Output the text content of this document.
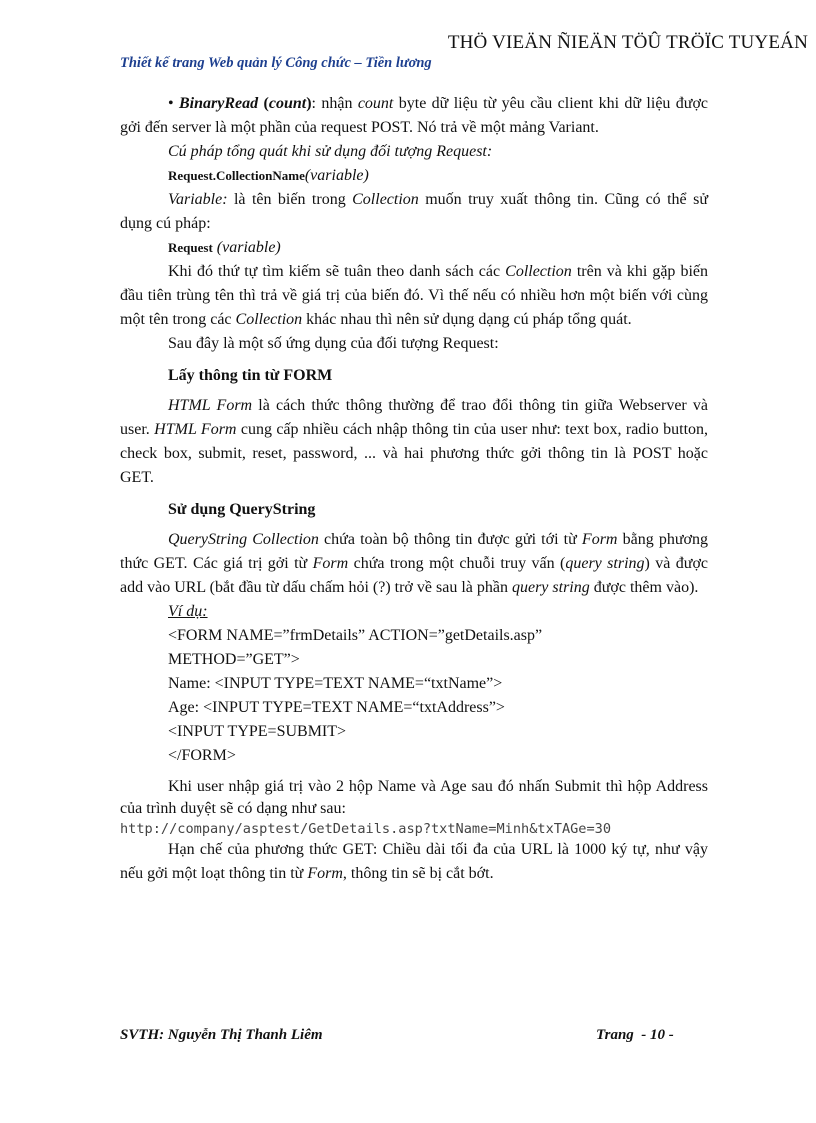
THÖ VIEÄN ÑIEÄN TÖÛ TRÖÏC TUYEÁN
Thiết kế trang Web quản lý Công chức – Tiền lương

• BinaryRead (count): nhận count byte dữ liệu từ yêu cầu client khi dữ liệu được gởi đến server là một phần của request POST. Nó trả về một mảng Variant.

Cú pháp tổng quát khi sử dụng đối tượng Request:

Request.CollectionName(variable)

Variable: là tên biến trong Collection muốn truy xuất thông tin. Cũng có thể sử dụng cú pháp:

Request (variable)

Khi đó thứ tự tìm kiếm sẽ tuân theo danh sách các Collection trên và khi gặp biến đầu tiên trùng tên thì trả về giá trị của biến đó. Vì thế nếu có nhiều hơn một biến với cùng một tên trong các Collection khác nhau thì nên sử dụng dạng cú pháp tổng quát.

Sau đây là một số ứng dụng của đối tượng Request:

Lấy thông tin từ FORM

HTML Form là cách thức thông thường để trao đổi thông tin giữa Webserver và user. HTML Form cung cấp nhiều cách nhập thông tin của user như: text box, radio button, check box, submit, reset, password, ... và hai phương thức gởi thông tin là POST hoặc GET.

Sử dụng QueryString

QueryString Collection chứa toàn bộ thông tin được gửi tới từ Form bằng phương thức GET. Các giá trị gởi từ Form chứa trong một chuỗi truy vấn (query string) và được add vào URL (bắt đầu từ dấu chấm hỏi (?) trở về sau là phần query string được thêm vào).

Ví dụ:

<FORM NAME=”frmDetails” ACTION=”getDetails.asp”

METHOD=”GET”>

Name: <INPUT TYPE=TEXT NAME=“txtName”>

Age: <INPUT TYPE=TEXT NAME=“txtAddress”>

<INPUT TYPE=SUBMIT>

</FORM>

Khi user nhập giá trị vào 2 hộp Name và Age sau đó nhấn Submit thì hộp Address của trình duyệt sẽ có dạng như sau:

http://company/asptest/GetDetails.asp?txtName=Minh&txTAGe=30

Hạn chế của phương thức GET: Chiều dài tối đa của URL là 1000 ký tự, như vậy nếu gởi một loạt thông tin từ Form, thông tin sẽ bị cắt bớt.

SVTH: Nguyễn Thị Thanh Liêm	Trang  - 10 -
